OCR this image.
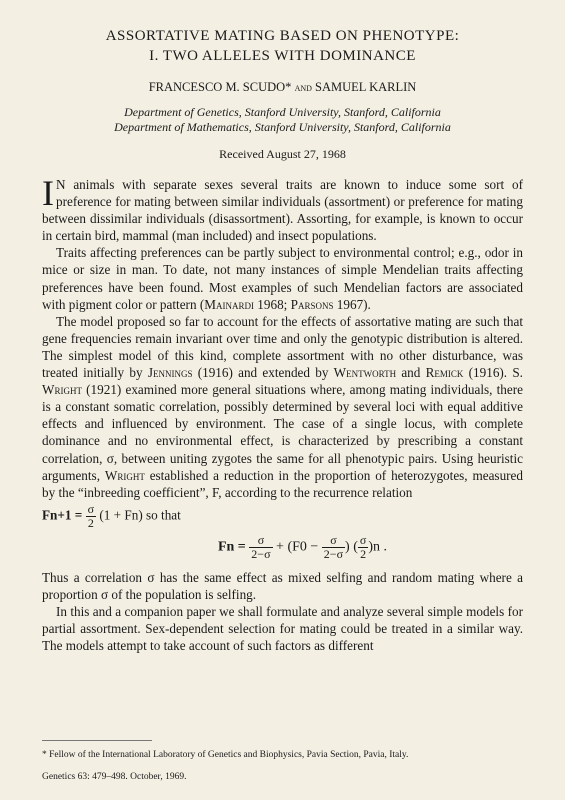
ASSORTATIVE MATING BASED ON PHENOTYPE:

I. TWO ALLELES WITH DOMINANCE

FRANCESCO M. SCUDO* and SAMUEL KARLIN
Department of Genetics, Stanford University, Stanford, California
Department of Mathematics, Stanford University, Stanford, California
Received August 27, 1968

I N animals with separate sexes several traits are known to induce some sort of preference for mating between similar individuals (assortment) or preference for mating between dissimilar individuals (disassortment). Assorting, for example, is known to occur in certain bird, mammal (man included) and insect populations.

Traits affecting preferences can be partly subject to environmental control; e.g., odor in mice or size in man. To date, not many instances of simple Mendelian traits affecting preferences have been found. Most examples of such Mendelian factors are associated with pigment color or pattern (Mainardi 1968; Parsons 1967).

The model proposed so far to account for the effects of assortative mating are such that gene frequencies remain invariant over time and only the genotypic distribution is altered. The simplest model of this kind, complete assortment with no other disturbance, was treated initially by Jennings (1916) and extended by Wentworth and Remick (1916). S. Wright (1921) examined more general situations where, among mating individuals, there is a constant somatic correlation, possibly determined by several loci with equal additive effects and influenced by environment. The case of a single locus, with complete dominance and no environmental effect, is characterized by prescribing a constant correlation, σ, between uniting zygotes the same for all phenotypic pairs. Using heuristic arguments, Wright established a reduction in the proportion of heterozygotes, measured by the “inbreeding coefficient”, F, according to the recurrence relation

$Fn+1 = \frac{\sigma}{2} (1 + Fn)$ so that
$Fn = \frac{\sigma}{2-\sigma} + (F0 - \frac{\sigma}{2-\sigma}$ ) ( $\frac{\sigma}{2} )n$ .

Thus a correlation σ has the same effect as mixed selfing and random mating where a proportion σ of the population is selfing.

In this and a companion paper we shall formulate and analyze several simple models for partial assortment. Sex-dependent selection for mating could be treated in a similar way. The models attempt to take account of such factors as different

* Fellow of the International Laboratory of Genetics and Biophysics, Pavia Section, Pavia, Italy.
Genetics 63: 479–498. October, 1969.
